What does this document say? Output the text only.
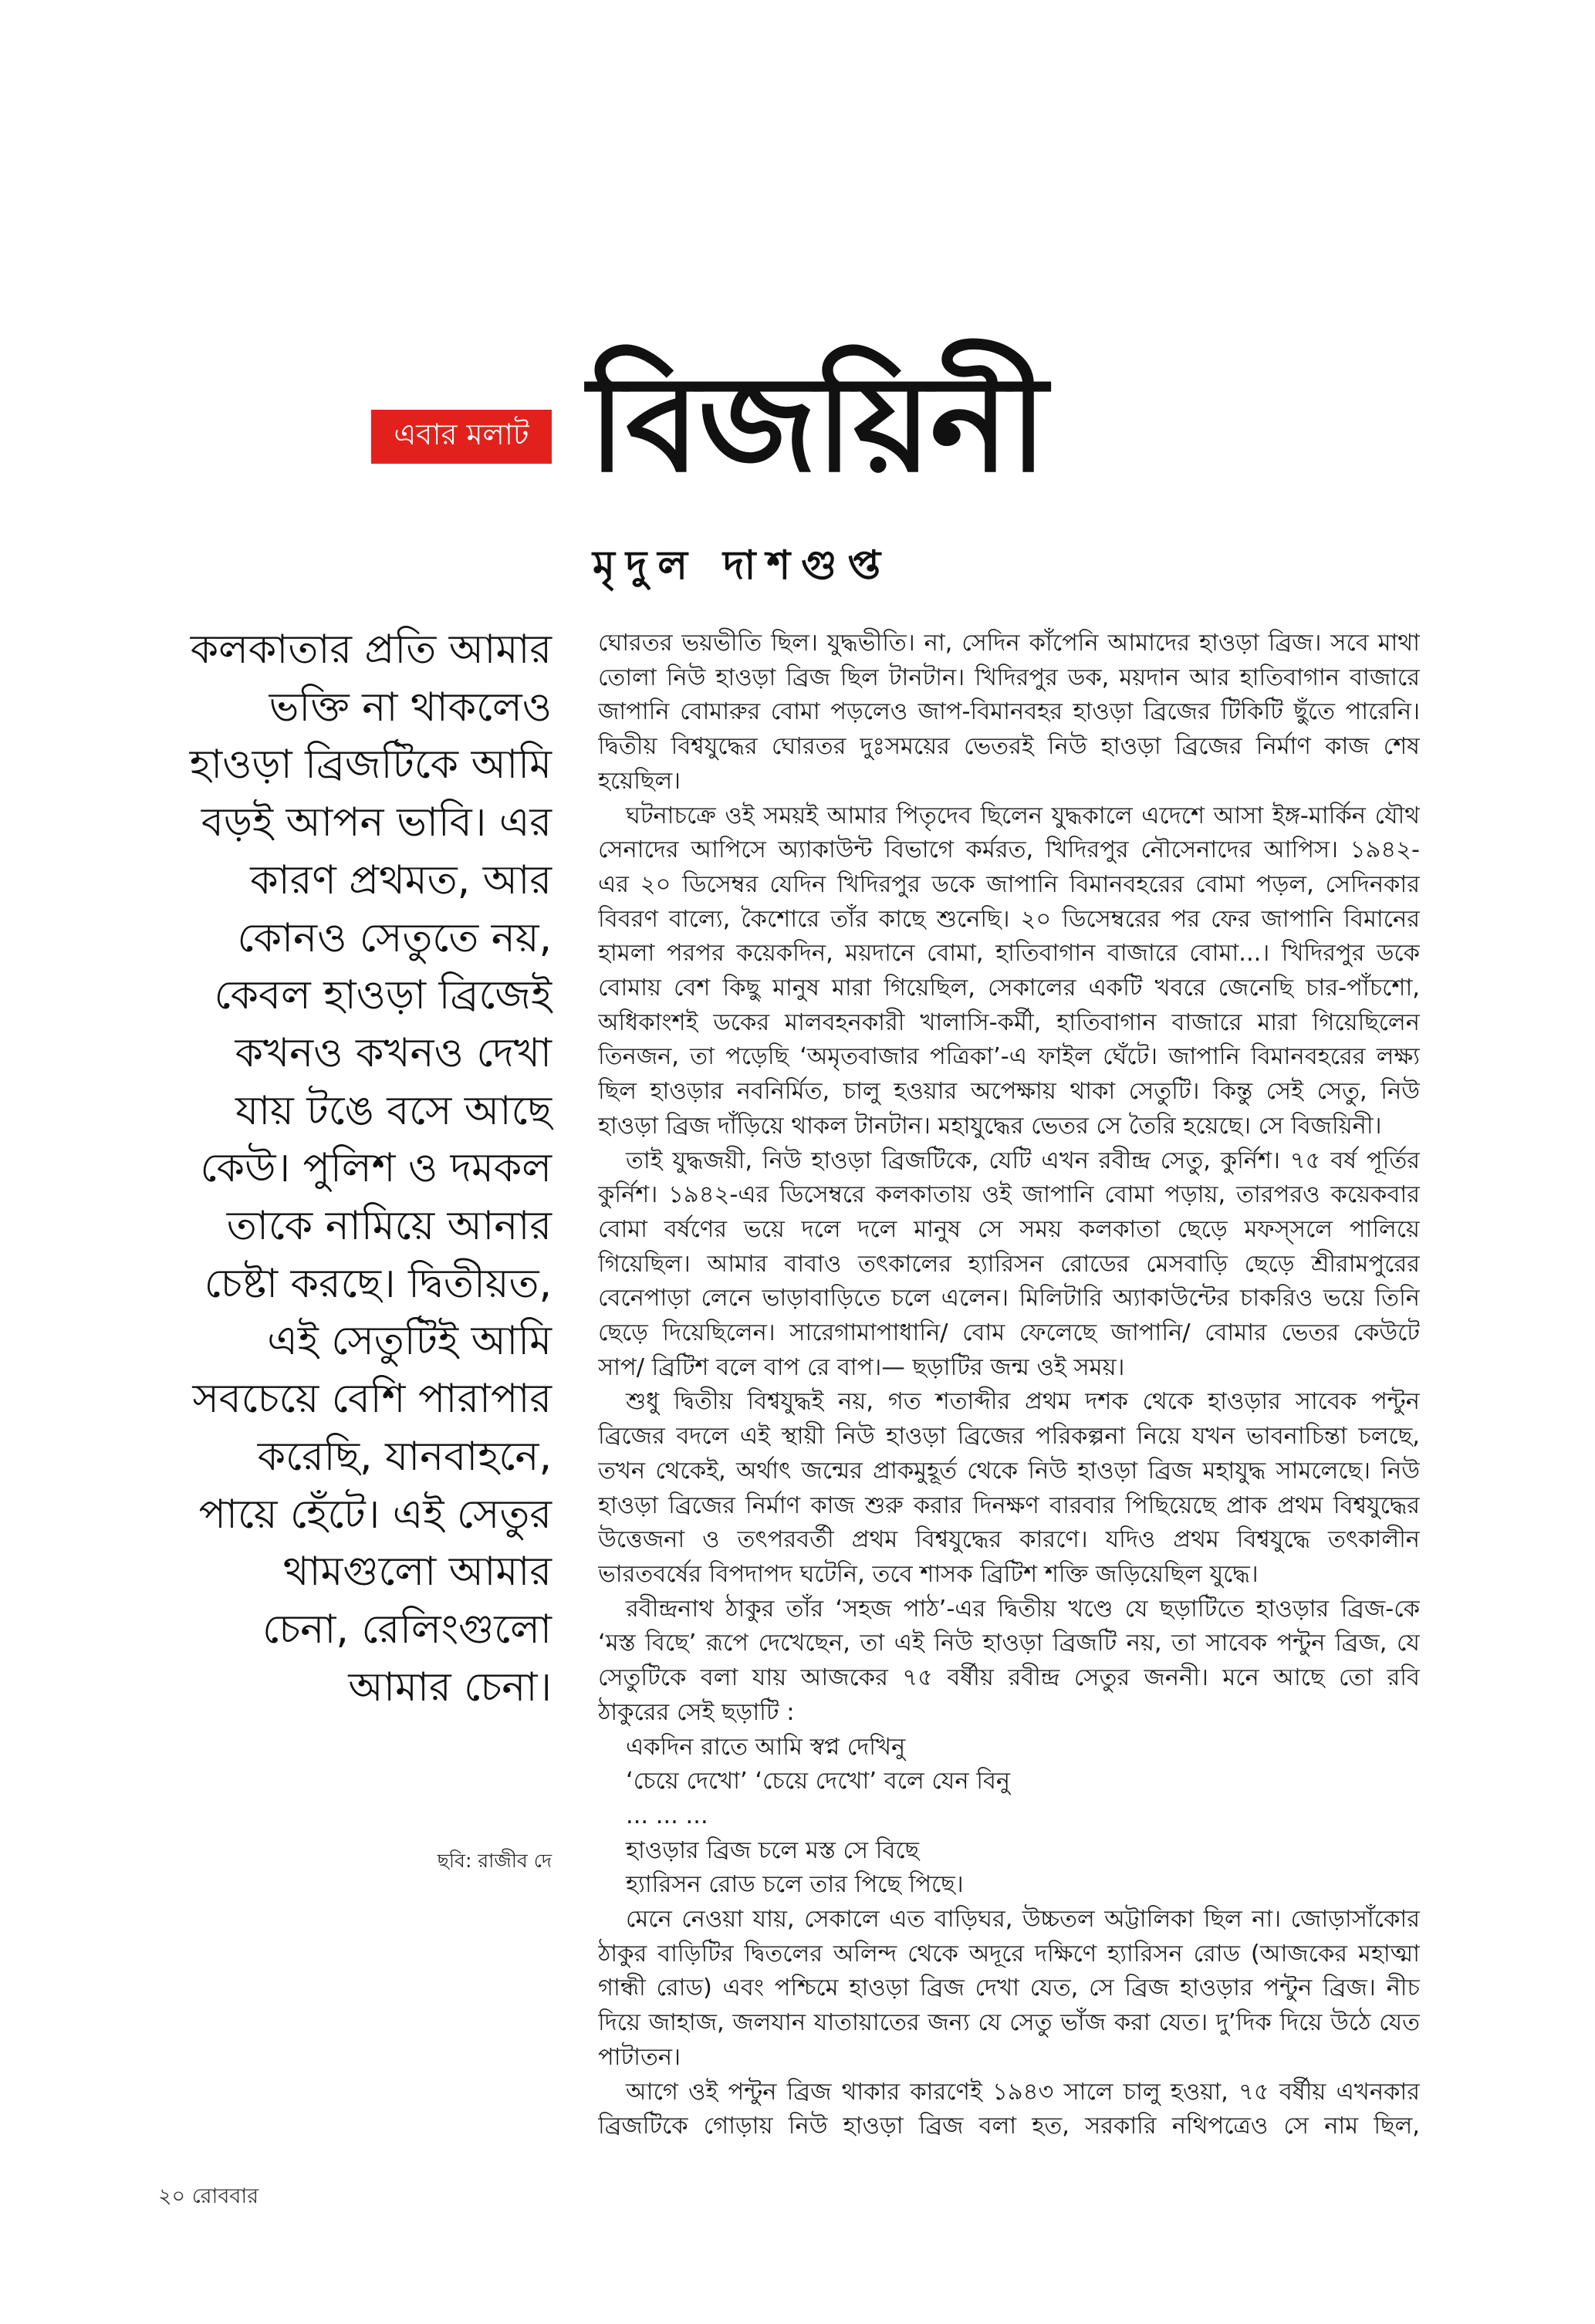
এবার মলাট বিজয়িনী
মৃদুল দাশগুপ্ত
কলকাতার প্রতি আমার
ভক্তি না থাকলেও
হাওড়া ব্রিজটিকে আমি
বড়ই আপন ভাবি। এর
কারণ প্রথমত, আর
কোনও সেতুতে নয়,
কেবল হাওড়া ব্রিজেই
কখনও কখনও দেখা
যায় টঙে বসে আছে
কেউ। পুলিশ ও দমকল
তাকে নামিয়ে আনার
চেষ্টা করছে। দ্বিতীয়ত,
এই সেতুটিই আমি
সবচেয়ে বেশি পারাপার
করেছি, যানবাহনে,
পায়ে হেঁটে। এই সেতুর
থামগুলো আমার
চেনা, রেলিংগুলো
আমার চেনা।
ঘোরতর ভয়ভীতি ছিল। যুদ্ধভীতি। না, সেদিন কাঁপেনি আমাদের হাওড়া ব্রিজ। সবে মাথা
তোলা নিউ হাওড়া ব্রিজ ছিল টানটান। খিদিরপুর ডক, ময়দান আর হাতিবাগান বাজারে
জাপানি বোমারুর বোমা পড়লেও জাপ-বিমানবহর হাওড়া ব্রিজের টিকিটি ছুঁতে পারেনি।
দ্বিতীয় বিশ্বযুদ্ধের ঘোরতর দুঃসময়ের ভেতরই নিউ হাওড়া ব্রিজের নির্মাণ কাজ শেষ
হয়েছিল।
ঘটনাচক্রে ওই সময়ই আমার পিতৃদেব ছিলেন যুদ্ধকালে এদেশে আসা ইঙ্গ-মার্কিন যৌথ
সেনাদের আপিসে অ্যাকাউন্ট বিভাগে কর্মরত, খিদিরপুর নৌসেনাদের আপিস। ১৯৪২-
এর ২০ ডিসেম্বর যেদিন খিদিরপুর ডকে জাপানি বিমানবহরের বোমা পড়ল, সেদিনকার
বিবরণ বাল্যে, কৈশোরে তাঁর কাছে শুনেছি। ২০ ডিসেম্বরের পর ফের জাপানি বিমানের
হামলা পরপর কয়েকদিন, ময়দানে বোমা, হাতিবাগান বাজারে বোমা...। খিদিরপুর ডকে
বোমায় বেশ কিছু মানুষ মারা গিয়েছিল, সেকালের একটি খবরে জেনেছি চার-পাঁচশো,
অধিকাংশই ডকের মালবহনকারী খালাসি-কর্মী, হাতিবাগান বাজারে মারা গিয়েছিলেন
তিনজন, তা পড়েছি ‘অমৃতবাজার পত্রিকা’-এ ফাইল ঘেঁটে। জাপানি বিমানবহরের লক্ষ্য
ছিল হাওড়ার নবনির্মিত, চালু হওয়ার অপেক্ষায় থাকা সেতুটি। কিন্তু সেই সেতু, নিউ
হাওড়া ব্রিজ দাঁড়িয়ে থাকল টানটান। মহাযুদ্ধের ভেতর সে তৈরি হয়েছে। সে বিজয়িনী।
তাই যুদ্ধজয়ী, নিউ হাওড়া ব্রিজটিকে, যেটি এখন রবীন্দ্র সেতু, কুর্নিশ। ৭৫ বর্ষ পূর্তির
কুর্নিশ। ১৯৪২-এর ডিসেম্বরে কলকাতায় ওই জাপানি বোমা পড়ায়, তারপরও কয়েকবার
বোমা বর্ষণের ভয়ে দলে দলে মানুষ সে সময় কলকাতা ছেড়ে মফস্‌সলে পালিয়ে
গিয়েছিল। আমার বাবাও তৎকালের হ্যারিসন রোডের মেসবাড়ি ছেড়ে শ্রীরামপুরের
বেনেপাড়া লেনে ভাড়াবাড়িতে চলে এলেন। মিলিটারি অ্যাকাউন্টের চাকরিও ভয়ে তিনি
ছেড়ে দিয়েছিলেন। সারেগামাপাধানি/ বোম ফেলেছে জাপানি/ বোমার ভেতর কেউটে
সাপ/ ব্রিটিশ বলে বাপ রে বাপ।— ছড়াটির জন্ম ওই সময়।
শুধু দ্বিতীয় বিশ্বযুদ্ধই নয়, গত শতাব্দীর প্রথম দশক থেকে হাওড়ার সাবেক পন্টুন
ব্রিজের বদলে এই স্থায়ী নিউ হাওড়া ব্রিজের পরিকল্পনা নিয়ে যখন ভাবনাচিন্তা চলছে,
তখন থেকেই, অর্থাৎ জন্মের প্রাকমুহূর্ত থেকে নিউ হাওড়া ব্রিজ মহাযুদ্ধ সামলেছে। নিউ
হাওড়া ব্রিজের নির্মাণ কাজ শুরু করার দিনক্ষণ বারবার পিছিয়েছে প্রাক প্রথম বিশ্বযুদ্ধের
উত্তেজনা ও তৎপরবর্তী প্রথম বিশ্বযুদ্ধের কারণে। যদিও প্রথম বিশ্বযুদ্ধে তৎকালীন
ভারতবর্ষের বিপদাপদ ঘটেনি, তবে শাসক ব্রিটিশ শক্তি জড়িয়েছিল যুদ্ধে।
রবীন্দ্রনাথ ঠাকুর তাঁর ‘সহজ পাঠ’-এর দ্বিতীয় খণ্ডে যে ছড়াটিতে হাওড়ার ব্রিজ-কে
‘মস্ত বিছে’ রূপে দেখেছেন, তা এই নিউ হাওড়া ব্রিজটি নয়, তা সাবেক পন্টুন ব্রিজ, যে
সেতুটিকে বলা যায় আজকের ৭৫ বর্ষীয় রবীন্দ্র সেতুর জননী। মনে আছে তো রবি
ঠাকুরের সেই ছড়াটি :
একদিন রাতে আমি স্বপ্ন দেখিনু
‘চেয়ে দেখো’ ‘চেয়ে দেখো’ বলে যেন বিনু
... ... ...
হাওড়ার ব্রিজ চলে মস্ত সে বিছে
হ্যারিসন রোড চলে তার পিছে পিছে।
মেনে নেওয়া যায়, সেকালে এত বাড়িঘর, উচ্চতল অট্টালিকা ছিল না। জোড়াসাঁকোর
ঠাকুর বাড়িটির দ্বিতলের অলিন্দ থেকে অদূরে দক্ষিণে হ্যারিসন রোড (আজকের মহাত্মা
গান্ধী রোড) এবং পশ্চিমে হাওড়া ব্রিজ দেখা যেত, সে ব্রিজ হাওড়ার পন্টুন ব্রিজ। নীচ
দিয়ে জাহাজ, জলযান যাতায়াতের জন্য যে সেতু ভাঁজ করা যেত। দু’দিক দিয়ে উঠে যেত
পাটাতন।
আগে ওই পন্টুন ব্রিজ থাকার কারণেই ১৯৪৩ সালে চালু হওয়া, ৭৫ বর্ষীয় এখনকার
ব্রিজটিকে গোড়ায় নিউ হাওড়া ব্রিজ বলা হত, সরকারি নথিপত্রেও সে নাম ছিল,
ছবি: রাজীব দে
২০ রোববার
